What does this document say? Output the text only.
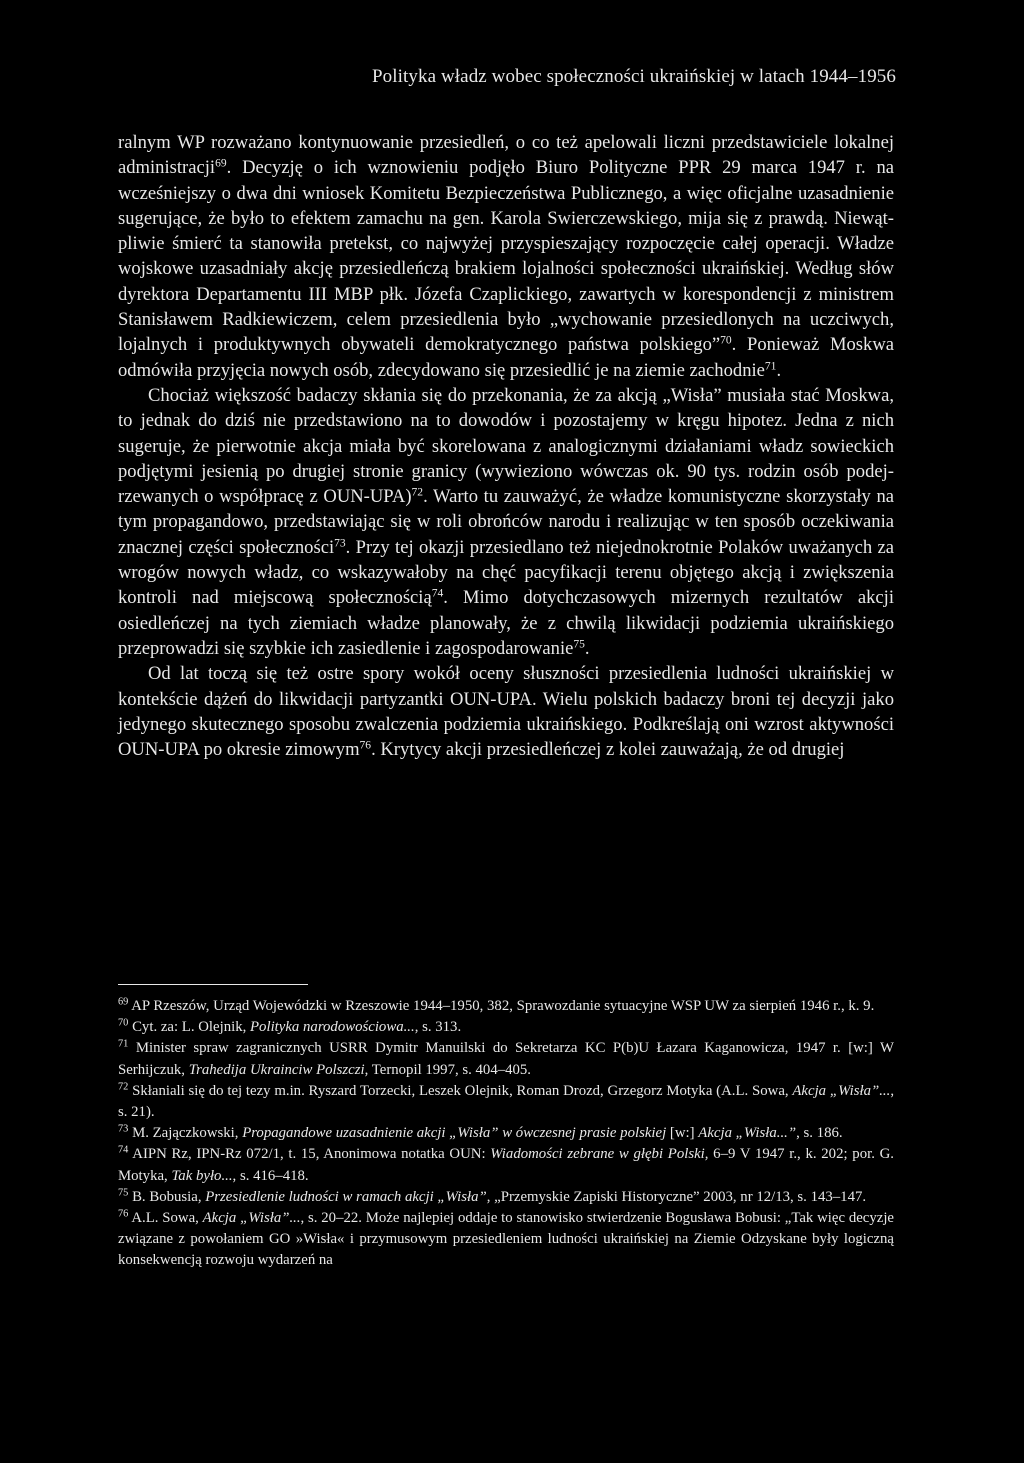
Polityka władz wobec społeczności ukraińskiej w latach 1944–1956

ralnym WP rozważano kontynuowanie przesiedleń, o co też apelowali liczni przedstawiciele lokalnej administracji$^{69}$. Decyzję o ich wznowieniu podjęło Biuro Polityczne PPR 29 marca 1947 r. na wcześniejszy o dwa dni wniosek Komitetu Bezpieczeństwa Publicznego, a więc oficjalne uzasadnienie sugerujące, że było to efektem zamachu na gen. Karola Swierczewskiego, mija się z prawdą. Niewątpliwie śmierć ta stanowiła pretekst, co najwyżej przyspieszający rozpoczęcie całej operacji. Władze wojskowe uzasadniały akcję przesiedleńczą brakiem lojalności społeczności ukraińskiej. Według słów dyrektora Departamentu III MBP płk. Józefa Czaplickiego, zawartych w korespondencji z ministrem Stanisławem Radkiewiczem, celem przesiedlenia było „wychowanie przesiedlonych na uczciwych, lojalnych i produktywnych obywateli demokratycznego państwa polskiego”$^{70}$. Ponieważ Moskwa odmówiła przyjęcia nowych osób, zdecydowano się przesiedlić je na ziemie zachodnie$^{71}$.

Chociaż większość badaczy skłania się do przekonania, że za akcją „Wisła” musiała stać Moskwa, to jednak do dziś nie przedstawiono na to dowodów i pozostajemy w kręgu hipotez. Jedna z nich sugeruje, że pierwotnie akcja miała być skorelowana z analogicznymi działaniami władz sowieckich podjętymi jesienią po drugiej stronie granicy (wywieziono wówczas ok. 90 tys. rodzin osób podejrzewanych o współpracę z OUN-UPA)$^{72}$. Warto tu zauważyć, że władze komunistyczne skorzystały na tym propagandowo, przedstawiając się w roli obrońców narodu i realizując w ten sposób oczekiwania znacznej części społeczności$^{73}$. Przy tej okazji przesiedlano też niejednokrotnie Polaków uważanych za wrogów nowych władz, co wskazywałoby na chęć pacyfikacji terenu objętego akcją i zwiększenia kontroli nad miejscową społecznością$^{74}$. Mimo dotychczasowych mizernych rezultatów akcji osiedleńczej na tych ziemiach władze planowały, że z chwilą likwidacji podziemia ukraińskiego przeprowadzi się szybkie ich zasiedlenie i zagospodarowanie$^{75}$.

Od lat toczą się też ostre spory wokół oceny słuszności przesiedlenia ludności ukraińskiej w kontekście dążeń do likwidacji partyzantki OUN-UPA. Wielu polskich badaczy broni tej decyzji jako jedynego skutecznego sposobu zwalczenia podziemia ukraińskiego. Podkreślają oni wzrost aktywności OUN-UPA po okresie zimowym$^{76}$. Krytycy akcji przesiedleńczej z kolei zauważają, że od drugiej

$^{69}$ AP Rzeszów, Urząd Wojewódzki w Rzeszowie 1944–1950, 382, Sprawozdanie sytuacyjne WSP UW za sierpień 1946 r., k. 9.

$^{70}$ Cyt. za: L. Olejnik, Polityka narodowościowa..., s. 313.

$^{71}$ Minister spraw zagranicznych USRR Dymitr Manuilski do Sekretarza KC P(b)U Łazara Kaganowicza, 1947 r. [w:] W Serhijczuk, Trahedija Ukrainciw Polszczi, Ternopil 1997, s. 404–405.

$^{72}$ Skłaniali się do tej tezy m.in. Ryszard Torzecki, Leszek Olejnik, Roman Drozd, Grzegorz Motyka (A.L. Sowa, Akcja „Wisła”..., s. 21).

$^{73}$ M. Zajączkowski, Propagandowe uzasadnienie akcji „Wisła” w ówczesnej prasie polskiej [w:] Akcja „Wisła...”, s. 186.

$^{74}$ AIPN Rz, IPN-Rz 072/1, t. 15, Anonimowa notatka OUN: Wiadomości zebrane w głębi Polski, 6–9 V 1947 r., k. 202; por. G. Motyka, Tak było..., s. 416–418.

$^{75}$ B. Bobusia, Przesiedlenie ludności w ramach akcji „Wisła”, „Przemyskie Zapiski Historyczne” 2003, nr 12/13, s. 143–147.

$^{76}$ A.L. Sowa, Akcja „Wisła”..., s. 20–22. Może najlepiej oddaje to stanowisko stwierdzenie Bogusława Bobusi: „Tak więc decyzje związane z powołaniem GO »Wisła« i przymusowym przesiedleniem ludności ukraińskiej na Ziemie Odzyskane były logiczną konsekwencją rozwoju wydarzeń na
